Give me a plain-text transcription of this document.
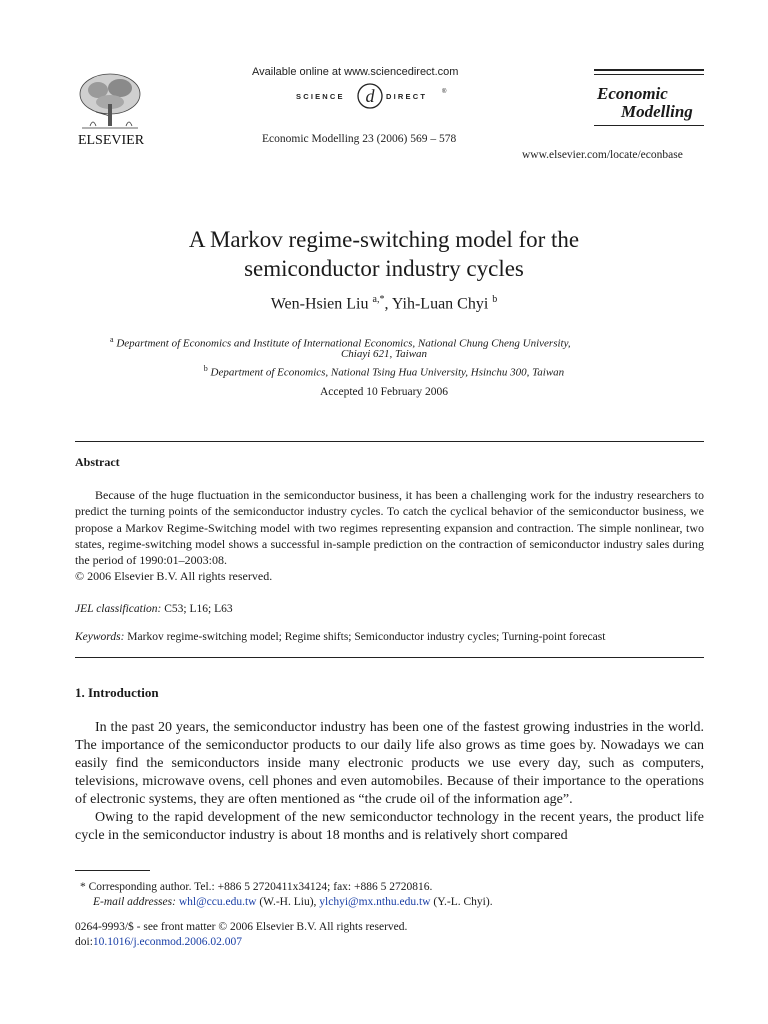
ELSEVIER
Available online at www.sciencedirect.com
SCIENCE d DIRECT ®
Economic Modelling 23 (2006) 569 – 578
Economic
Modelling
www.elsevier.com/locate/econbase
A Markov regime-switching model for the
semiconductor industry cycles
Wen-Hsien Liu $^{a,*}$, Yih-Luan Chyi $^b$
$^a$ Department of Economics and Institute of International Economics, National Chung Cheng University,
Chiayi 621, Taiwan
$^b$ Department of Economics, National Tsing Hua University, Hsinchu 300, Taiwan
Accepted 10 February 2006
Abstract

Because of the huge fluctuation in the semiconductor business, it has been a challenging work for the industry researchers to predict the turning points of the semiconductor industry cycles. To catch the cyclical behavior of the semiconductor business, we propose a Markov Regime-Switching model with two regimes representing expansion and contraction. The simple nonlinear, two states, regime-switching model shows a successful in-sample prediction on the contraction of semiconductor industry sales during the period of 1990:01–2003:08.

© 2006 Elsevier B.V. All rights reserved.
JEL classification: C53; L16; L63
Keywords: Markov regime-switching model; Regime shifts; Semiconductor industry cycles; Turning-point forecast
1. Introduction

In the past 20 years, the semiconductor industry has been one of the fastest growing industries in the world. The importance of the semiconductor products to our daily life also grows as time goes by. Nowadays we can easily find the semiconductors inside many electronic products we use every day, such as computers, televisions, microwave ovens, cell phones and even automobiles. Because of their importance to the operations of electronic systems, they are often mentioned as “the crude oil of the information age”.

Owing to the rapid development of the new semiconductor technology in the recent years, the product life cycle in the semiconductor industry is about 18 months and is relatively short compared

* Corresponding author. Tel.: +886 5 2720411x34124; fax: +886 5 2720816.
E-mail addresses: whl@ccu.edu.tw (W.-H. Liu), ylchyi@mx.nthu.edu.tw (Y.-L. Chyi).
0264-9993/$ - see front matter © 2006 Elsevier B.V. All rights reserved.
doi:10.1016/j.econmod.2006.02.007
